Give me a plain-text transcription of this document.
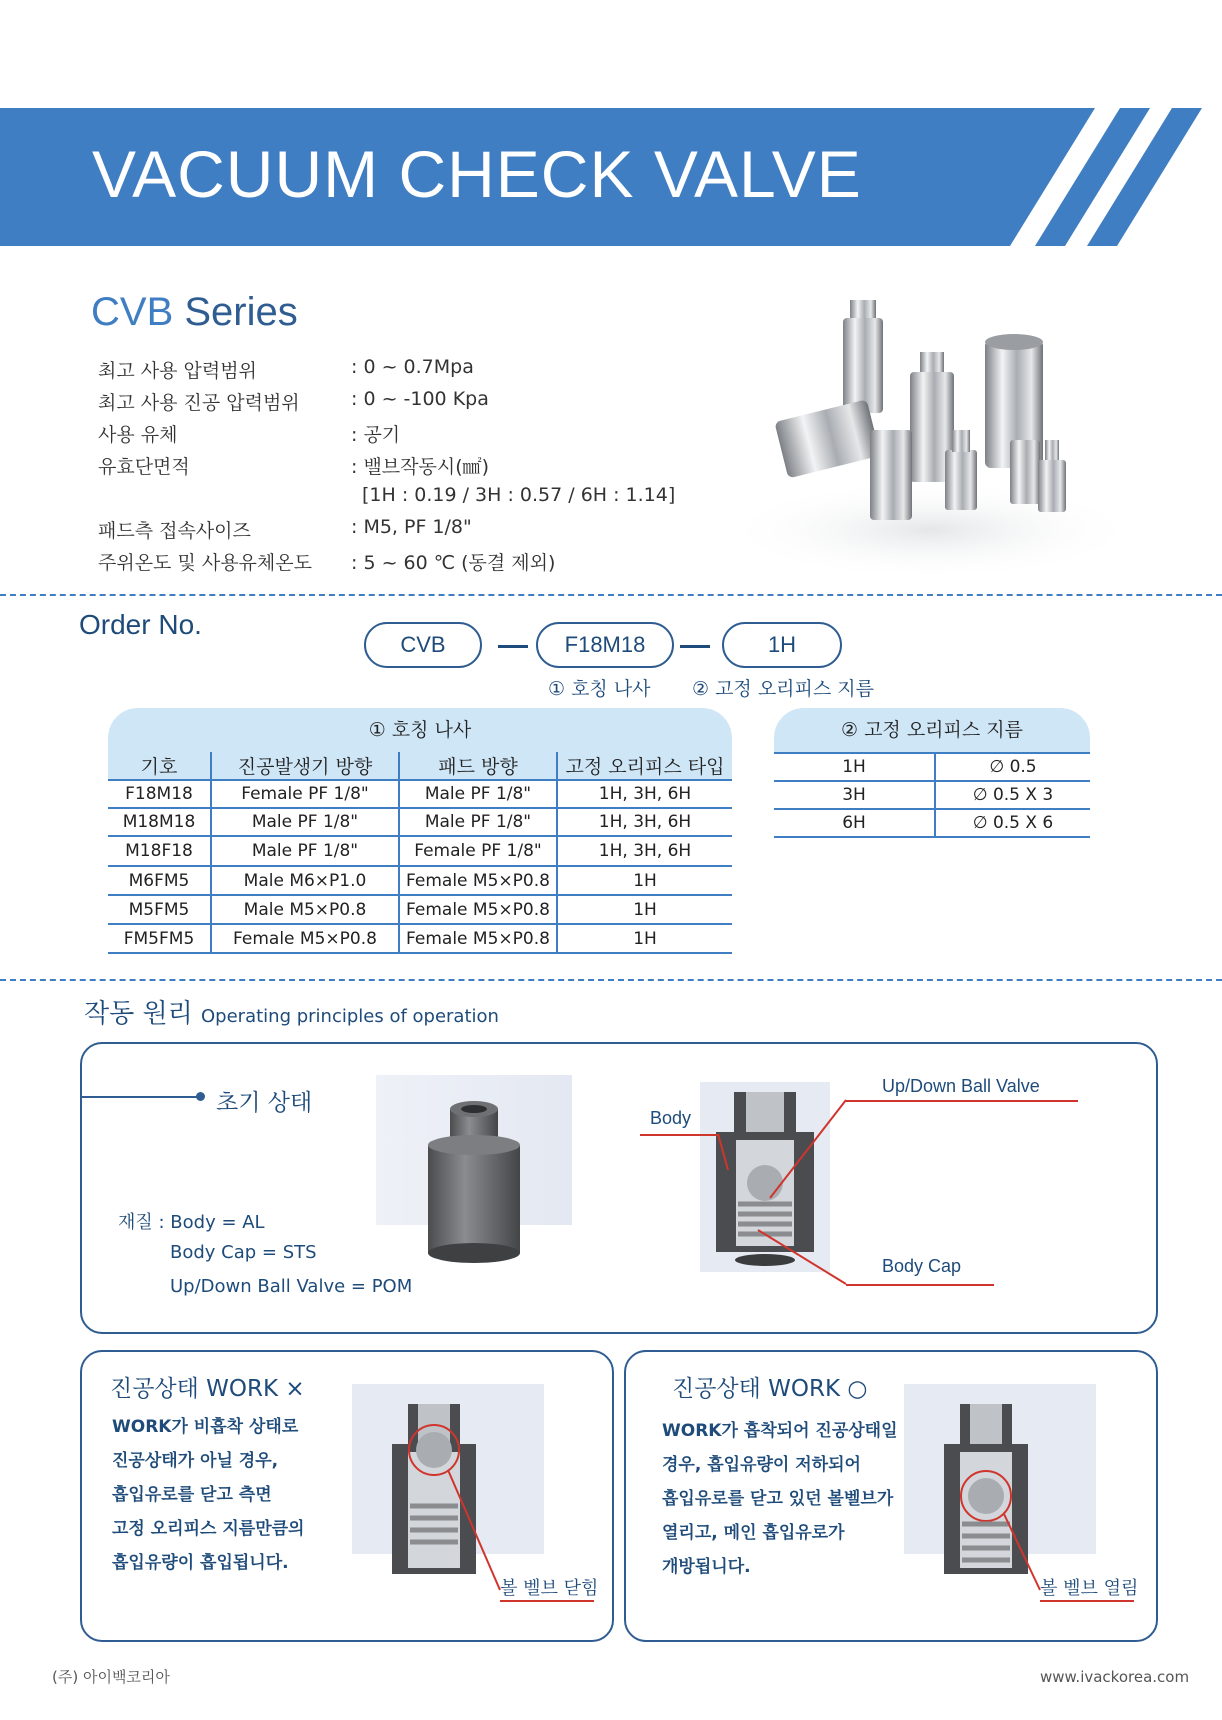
VACUUM CHECK VALVE
CVB Series
최고 사용 압력범위	: 0 ~ 0.7Mpa
최고 사용 진공 압력범위	: 0 ~ -100 Kpa
사용 유체	: 공기
유효단면적	: 밸브작동시(㎟)
[1H : 0.19 / 3H : 0.57 / 6H : 1.14]
패드측 접속사이즈	: M5, PF 1/8"
주위온도 및 사용유체온도 : 5 ~ 60 ℃ (동결 제외)
Order No.
CVB	F18M18	1H
① 호칭 나사 ② 고정 오리피스 지름
① 호칭 나사
기호	진공발생기 방향	패드 방향	고정 오리피스 타입
F18M18	Female PF 1/8"	Male PF 1/8"	1H, 3H, 6H
M18M18	Male PF 1/8"	Male PF 1/8"	1H, 3H, 6H
M18F18	Male PF 1/8"	Female PF 1/8"	1H, 3H, 6H
M6FM5	Male M6×P1.0	Female M5×P0.8	1H
M5FM5	Male M5×P0.8	Female M5×P0.8	1H
FM5FM5	Female M5×P0.8	Female M5×P0.8	1H
② 고정 오리피스 지름
1H	∅ 0.5
3H	∅ 0.5 X 3
6H	∅ 0.5 X 6
작동 원리 Operating principles of operation
초기 상태
재질 : Body = AL
Body Cap = STS
Up/Down Ball Valve = POM
Body
Up/Down Ball Valve
Body Cap
진공상태 WORK ×
WORK가 비흡착 상태로
진공상태가 아닐 경우,
흡입유로를 닫고 측면
고정 오리피스 지름만큼의
흡입유량이 흡입됩니다.
볼 벨브 닫힘
진공상태 WORK ○
WORK가 흡착되어 진공상태일
경우, 흡입유량이 저하되어
흡입유로를 닫고 있던 볼벨브가
열리고, 메인 흡입유로가
개방됩니다.
볼 벨브 열림
(주) 아이백코리아	www.ivackorea.com
